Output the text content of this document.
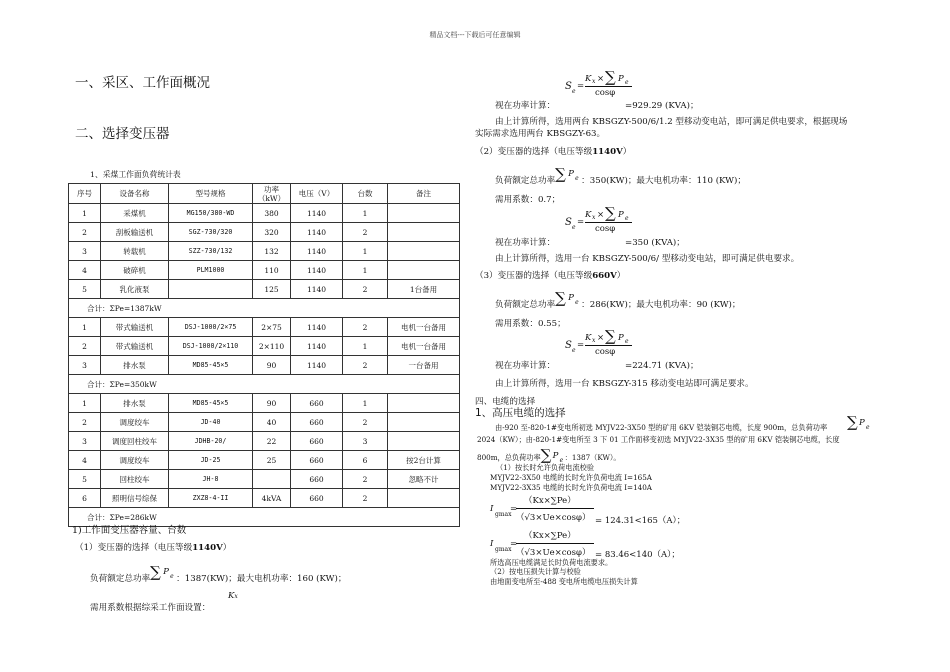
精品文档---下载后可任意编辑
一、采区、工作面概况
二、选择变压器
1、采煤工作面负荷统计表
序号	设备名称	型号规格	功率（kW）	电压（V）	台数	备注
1	采煤机	MG150/380-WD	380	1140	1	
2	刮板输送机	SGZ-730/320	320	1140	2	
3	转载机	SZZ-730/132	132	1140	1	
4	破碎机	PLM1000	110	1140	1	
5	乳化液泵		125	1140	2	1台备用
合计：ΣPe=1387kW						
1	带式输送机	DSJ-1000/2×75	2×75	1140	2	电机一台备用
2	带式输送机	DSJ-1000/2×110	2×110	1140	1	电机一台备用
3	排水泵	MD85-45×5	90	1140	2	一台备用
合计：ΣPe=350kW						
1	排水泵	MD85-45×5	90	660	1	
2	调度绞车	JD-40	40	660	2	
3	调度回柱绞车	JDHB-20/	22	660	3	
4	调度绞车	JD-25	25	660	6	按2台计算
5	回柱绞车	JH-8		660	2	忽略不计
6	照明信号综保	ZXZ8-4-II	4kVA	660	2	
合计：ΣPe=286kW						
1)工作面变压器容量、台数
（1）变压器的选择（电压等级1140V）
负荷额定总功率 ∑ P e ：1387(KW)；最大电机功率：160 (KW)；
需用系数根据综采工作面设置：
Kx
S e
=
K x × ∑ P e
cosφ
视在功率计算：	=929.29 (KVA)；
由上计算所得，选用两台 KBSGZY-500/6/1.2 型移动变电站，即可满足供电要求，根据现场
实际需求选用两台 KBSGZY-63。
（2）变压器的选择（电压等级1140V）
负荷额定总功率 ∑ P e ：350(KW)；最大电机功率：110 (KW)；
需用系数：0.7；
S e
=
K x × ∑ P e
cosφ
视在功率计算：	=350 (KVA)；
由上计算所得，选用一台 KBSGZY-500/6/ 型移动变电站，即可满足供电要求。
（3）变压器的选择（电压等级660V）
负荷额定总功率 ∑ P e ：286(KW)；最大电机功率：90 (KW)；
需用系数：0.55；
S e
=
K x × ∑ P e
cosφ
视在功率计算：	=224.71 (KVA)；
由上计算所得，选用一台 KBSGZY-315 移动变电站即可满足要求。
四、电缆的选择
1、高压电缆的选择
由-920 至-820-1#变电所初选 MYJV22-3X50 型的矿用 6KV 铠装铜芯电缆，长度 900m，总负荷功率 ∑ P e
2024（KW）；由-820-1#变电所至 3 下 01 工作面移变初选 MYJV22-3X35 型的矿用 6KV 铠装铜芯电缆，长度
800m，总负荷功率 ∑ P e ：1387（KW）。
（1）按长时允许负荷电流校验
MYJV22-3X50 电缆的长时允许负荷电流 I=165A
MYJV22-3X35 电缆的长时允许负荷电流 I=140A
I
gmax
=
（Kx×∑Pe）
（√3×Ue×cosφ） = 124.31<165（A）；
I
gmax
=
（Kx×∑Pe）
（√3×Ue×cosφ） = 83.46<140（A）；
所选高压电缆满足长时负荷电流要求。
（2）按电压损失计算与校验
由地面变电所至-488 变电所电缆电压损失计算
